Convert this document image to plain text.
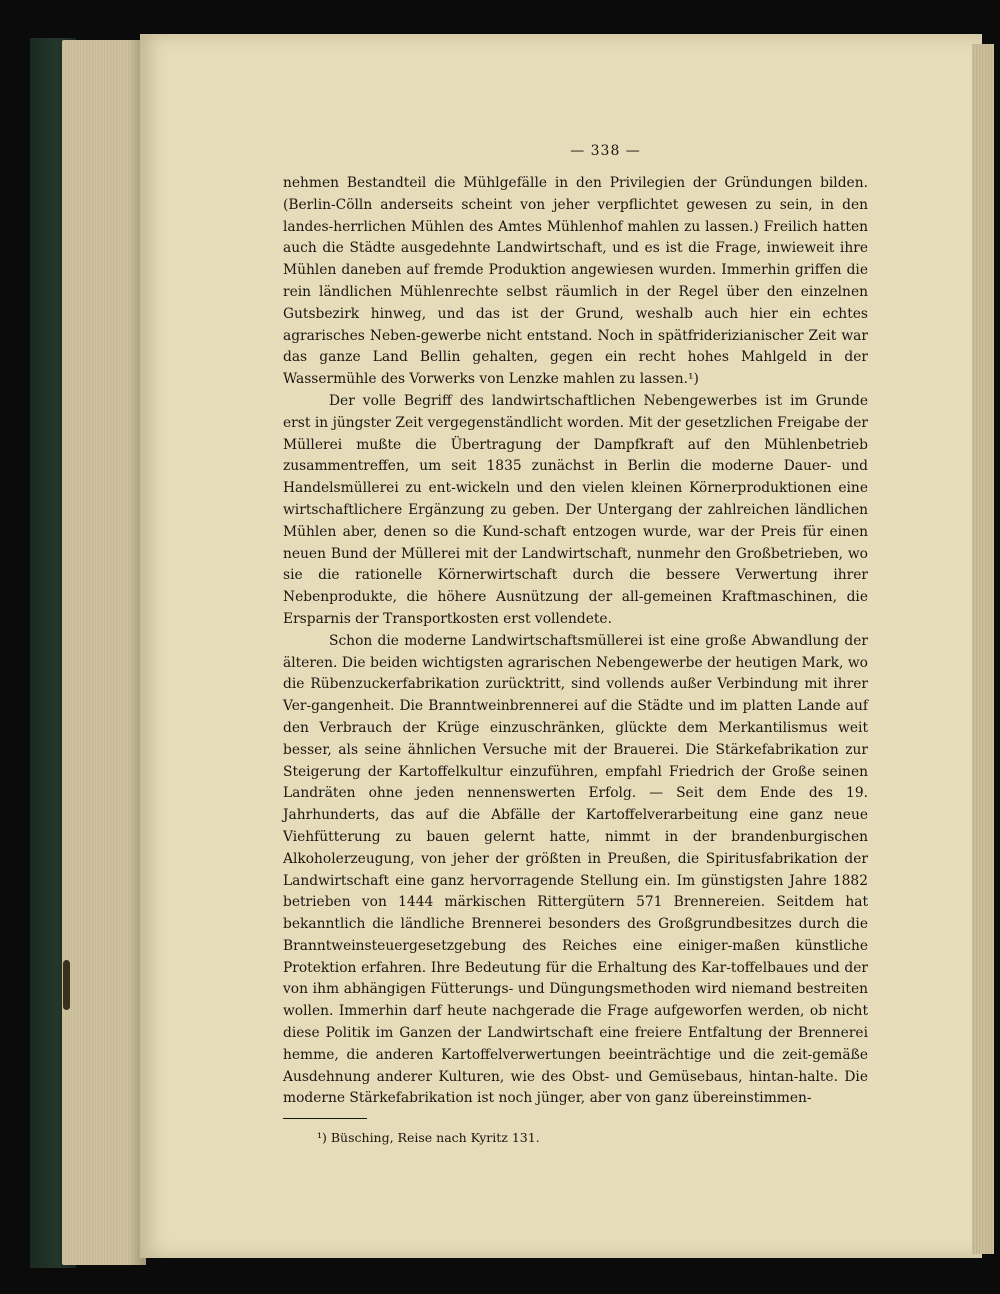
— 338 —

nehmen Bestandteil die Mühlgefälle in den Privilegien der Gründungen bilden. (Berlin-Cölln anderseits scheint von jeher verpflichtet gewesen zu sein, in den landes-herrlichen Mühlen des Amtes Mühlenhof mahlen zu lassen.) Freilich hatten auch die Städte ausgedehnte Landwirtschaft, und es ist die Frage, inwieweit ihre Mühlen daneben auf fremde Produktion angewiesen wurden. Immerhin griffen die rein ländlichen Mühlenrechte selbst räumlich in der Regel über den einzelnen Gutsbezirk hinweg, und das ist der Grund, weshalb auch hier ein echtes agrarisches Neben-gewerbe nicht entstand. Noch in spätfriderizianischer Zeit war das ganze Land Bellin gehalten, gegen ein recht hohes Mahlgeld in der Wassermühle des Vorwerks von Lenzke mahlen zu lassen.¹)

Der volle Begriff des landwirtschaftlichen Nebengewerbes ist im Grunde erst in jüngster Zeit vergegenständlicht worden. Mit der gesetzlichen Freigabe der Müllerei mußte die Übertragung der Dampfkraft auf den Mühlenbetrieb zusammentreffen, um seit 1835 zunächst in Berlin die moderne Dauer- und Handelsmüllerei zu ent-wickeln und den vielen kleinen Körnerproduktionen eine wirtschaftlichere Ergänzung zu geben. Der Untergang der zahlreichen ländlichen Mühlen aber, denen so die Kund-schaft entzogen wurde, war der Preis für einen neuen Bund der Müllerei mit der Landwirtschaft, nunmehr den Großbetrieben, wo sie die rationelle Körnerwirtschaft durch die bessere Verwertung ihrer Nebenprodukte, die höhere Ausnützung der all-gemeinen Kraftmaschinen, die Ersparnis der Transportkosten erst vollendete.

Schon die moderne Landwirtschaftsmüllerei ist eine große Abwandlung der älteren. Die beiden wichtigsten agrarischen Nebengewerbe der heutigen Mark, wo die Rübenzuckerfabrikation zurücktritt, sind vollends außer Verbindung mit ihrer Ver-gangenheit. Die Branntweinbrennerei auf die Städte und im platten Lande auf den Verbrauch der Krüge einzuschränken, glückte dem Merkantilismus weit besser, als seine ähnlichen Versuche mit der Brauerei. Die Stärkefabrikation zur Steigerung der Kartoffelkultur einzuführen, empfahl Friedrich der Große seinen Landräten ohne jeden nennenswerten Erfolg. — Seit dem Ende des 19. Jahrhunderts, das auf die Abfälle der Kartoffelverarbeitung eine ganz neue Viehfütterung zu bauen gelernt hatte, nimmt in der brandenburgischen Alkoholerzeugung, von jeher der größten in Preußen, die Spiritusfabrikation der Landwirtschaft eine ganz hervorragende Stellung ein. Im günstigsten Jahre 1882 betrieben von 1444 märkischen Rittergütern 571 Brennereien. Seitdem hat bekanntlich die ländliche Brennerei besonders des Großgrundbesitzes durch die Branntweinsteuergesetzgebung des Reiches eine einiger-maßen künstliche Protektion erfahren. Ihre Bedeutung für die Erhaltung des Kar-toffelbaues und der von ihm abhängigen Fütterungs- und Düngungsmethoden wird niemand bestreiten wollen. Immerhin darf heute nachgerade die Frage aufgeworfen werden, ob nicht diese Politik im Ganzen der Landwirtschaft eine freiere Entfaltung der Brennerei hemme, die anderen Kartoffelverwertungen beeinträchtige und die zeit-gemäße Ausdehnung anderer Kulturen, wie des Obst- und Gemüsebaus, hintan-halte. Die moderne Stärkefabrikation ist noch jünger, aber von ganz übereinstimmen-

¹) Büsching, Reise nach Kyritz 131.
